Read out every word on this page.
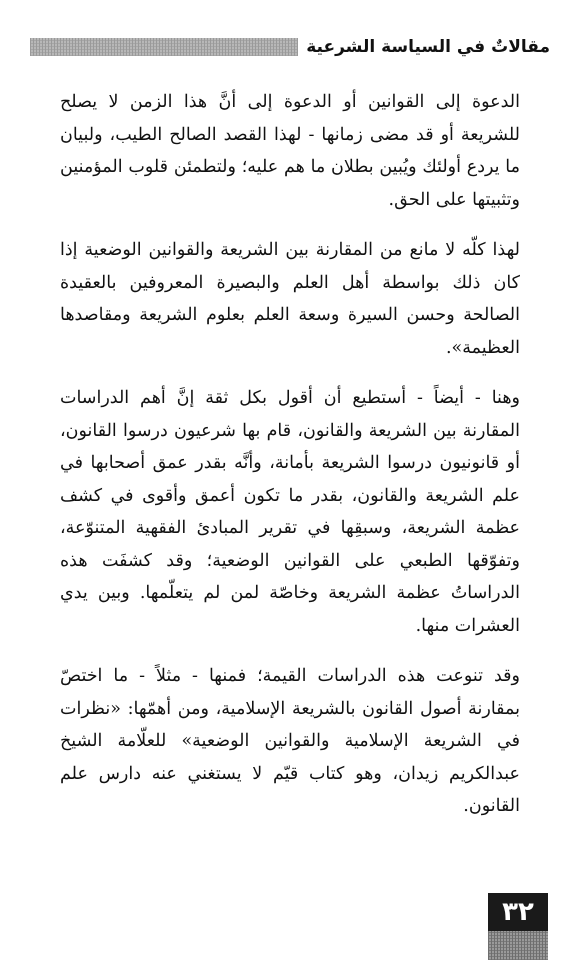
مقالاتٌ في السياسة الشرعية

الدعوة إلى القوانين أو الدعوة إلى أنَّ هذا الزمن لا يصلح للشريعة أو قد مضى زمانها - لهذا القصد الصالح الطيب، ولبيان ما يردع أولئك ويُبين بطلان ما هم عليه؛ ولتطمئن قلوب المؤمنين وتثبيتها على الحق.

لهذا كلّه لا مانع من المقارنة بين الشريعة والقوانين الوضعية إذا كان ذلك بواسطة أهل العلم والبصيرة المعروفين بالعقيدة الصالحة وحسن السيرة وسعة العلم بعلوم الشريعة ومقاصدها العظيمة».

وهنا - أيضاً - أستطيع أن أقول بكل ثقة إنَّ أهم الدراسات المقارنة بين الشريعة والقانون، قام بها شرعيون درسوا القانون، أو قانونيون درسوا الشريعة بأمانة، وأنَّه بقدر عمق أصحابها في علم الشريعة والقانون، بقدر ما تكون أعمق وأقوى في كشف عظمة الشريعة، وسبقِها في تقرير المبادئ الفقهية المتنوّعة، وتفوّقها الطبعي على القوانين الوضعية؛ وقد كشفَت هذه الدراساتُ عظمة الشريعة وخاصّة لمن لم يتعلّمها. وبين يدي العشرات منها.

وقد تنوعت هذه الدراسات القيمة؛ فمنها - مثلاً - ما اختصّ بمقارنة أصول القانون بالشريعة الإسلامية، ومن أهمّها: «نظرات في الشريعة الإسلامية والقوانين الوضعية» للعلّامة الشيخ عبدالكريم زيدان، وهو كتاب قيّم لا يستغني عنه دارس علم القانون.

٣٢
